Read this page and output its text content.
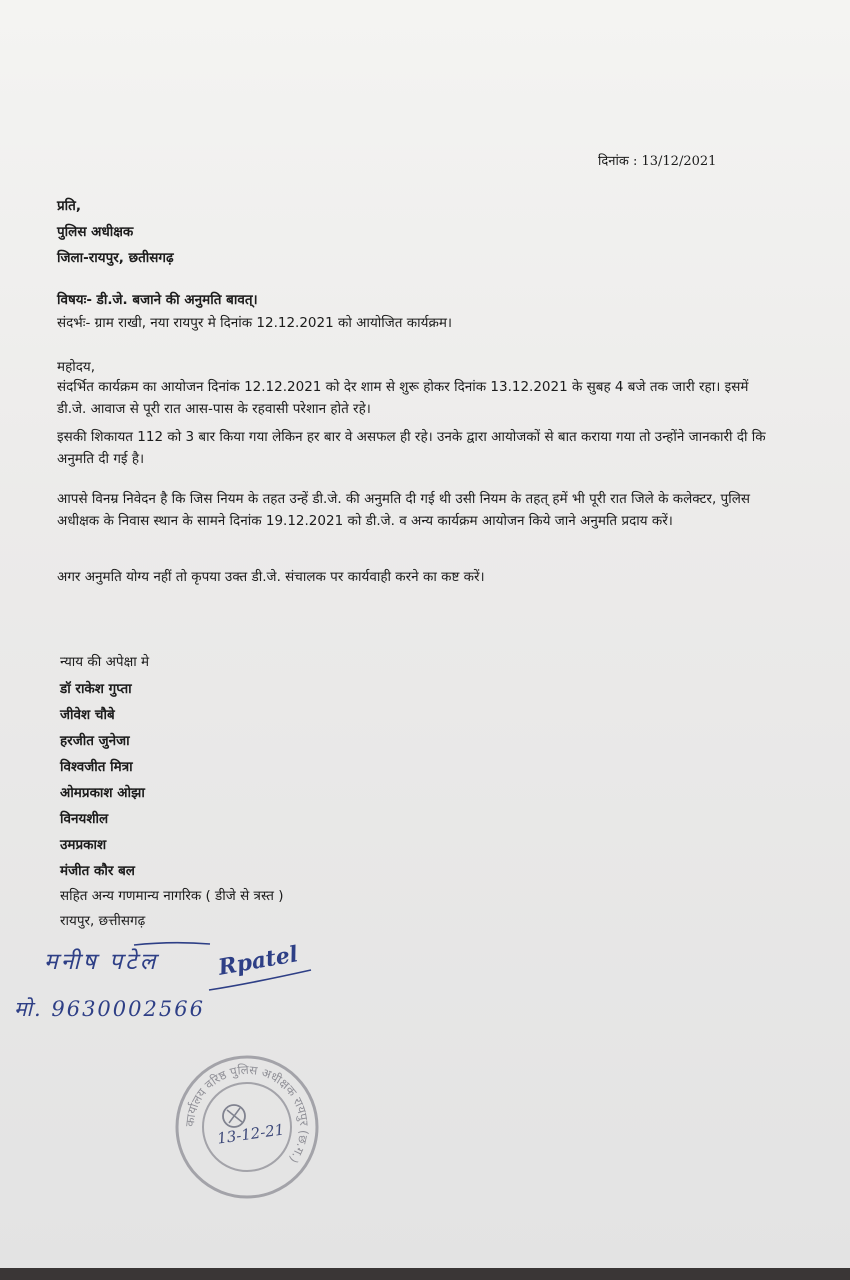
दिनांक : 13/12/2021
प्रति,
पुलिस अधीक्षक
जिला-रायपुर, छतीसगढ़
विषयः- डी.जे. बजाने की अनुमति बावत्।
संदर्भः- ग्राम राखी, नया रायपुर मे दिनांक 12.12.2021 को आयोजित कार्यक्रम।
महोदय,
संदर्भित कार्यक्रम का आयोजन दिनांक 12.12.2021 को देर शाम से शुरू होकर दिनांक 13.12.2021 के सुबह 4 बजे तक जारी रहा। इसमें डी.जे. आवाज से पूरी रात आस-पास के रहवासी परेशान होते रहे।
इसकी शिकायत 112 को 3 बार किया गया लेकिन हर बार वे असफल ही रहे। उनके द्वारा आयोजकों से बात कराया गया तो उन्होंने जानकारी दी कि अनुमति दी गई है।
आपसे विनम्र निवेदन है कि जिस नियम के तहत उन्हें डी.जे. की अनुमति दी गई थी उसी नियम के तहत् हमें भी पूरी रात जिले के कलेक्टर, पुलिस अधीक्षक के निवास स्थान के सामने दिनांक 19.12.2021 को डी.जे. व अन्य कार्यक्रम आयोजन किये जाने अनुमति प्रदाय करें।
अगर अनुमति योग्य नहीं तो कृपया उक्त डी.जे. संचालक पर कार्यवाही करने का कष्ट करें।
न्याय की अपेक्षा मे
डॉ राकेश गुप्ता
जीवेश चौबे
हरजीत जुनेजा
विश्वजीत मित्रा
ओमप्रकाश ओझा
विनयशील
उमप्रकाश
मंजीत कौर बल
सहित अन्य गणमान्य नागरिक ( डीजे से त्रस्त )
रायपुर, छत्तीसगढ़
मनीष पटेल
मो. 9630002566
Rpatel
कार्यालय वरिष्ठ पुलिस अधीक्षक रायपुर (छ.ग.)
13-12-21
